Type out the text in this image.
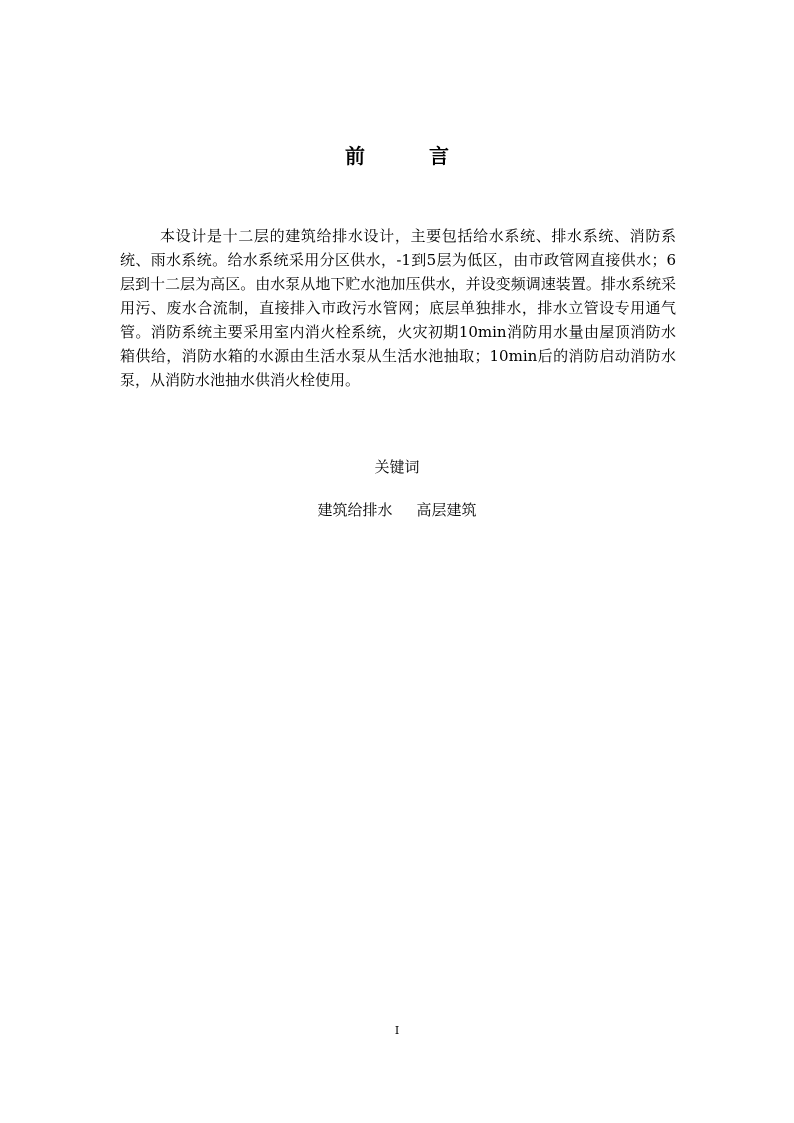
前	言

本设计是十二层的建筑给排水设计，主要包括给水系统、排水系统、消防系统、雨水系统。给水系统采用分区供水，-1到5层为低区，由市政管网直接供水；6层到十二层为高区。由水泵从地下贮水池加压供水，并设变频调速装置。排水系统采用污、废水合流制，直接排入市政污水管网；底层单独排水，排水立管设专用通气管。消防系统主要采用室内消火栓系统，火灾初期10min消防用水量由屋顶消防水箱供给，消防水箱的水源由生活水泵从生活水池抽取；10min后的消防启动消防水泵，从消防水池抽水供消火栓使用。

关键词
建筑给排水 高层建筑
I
